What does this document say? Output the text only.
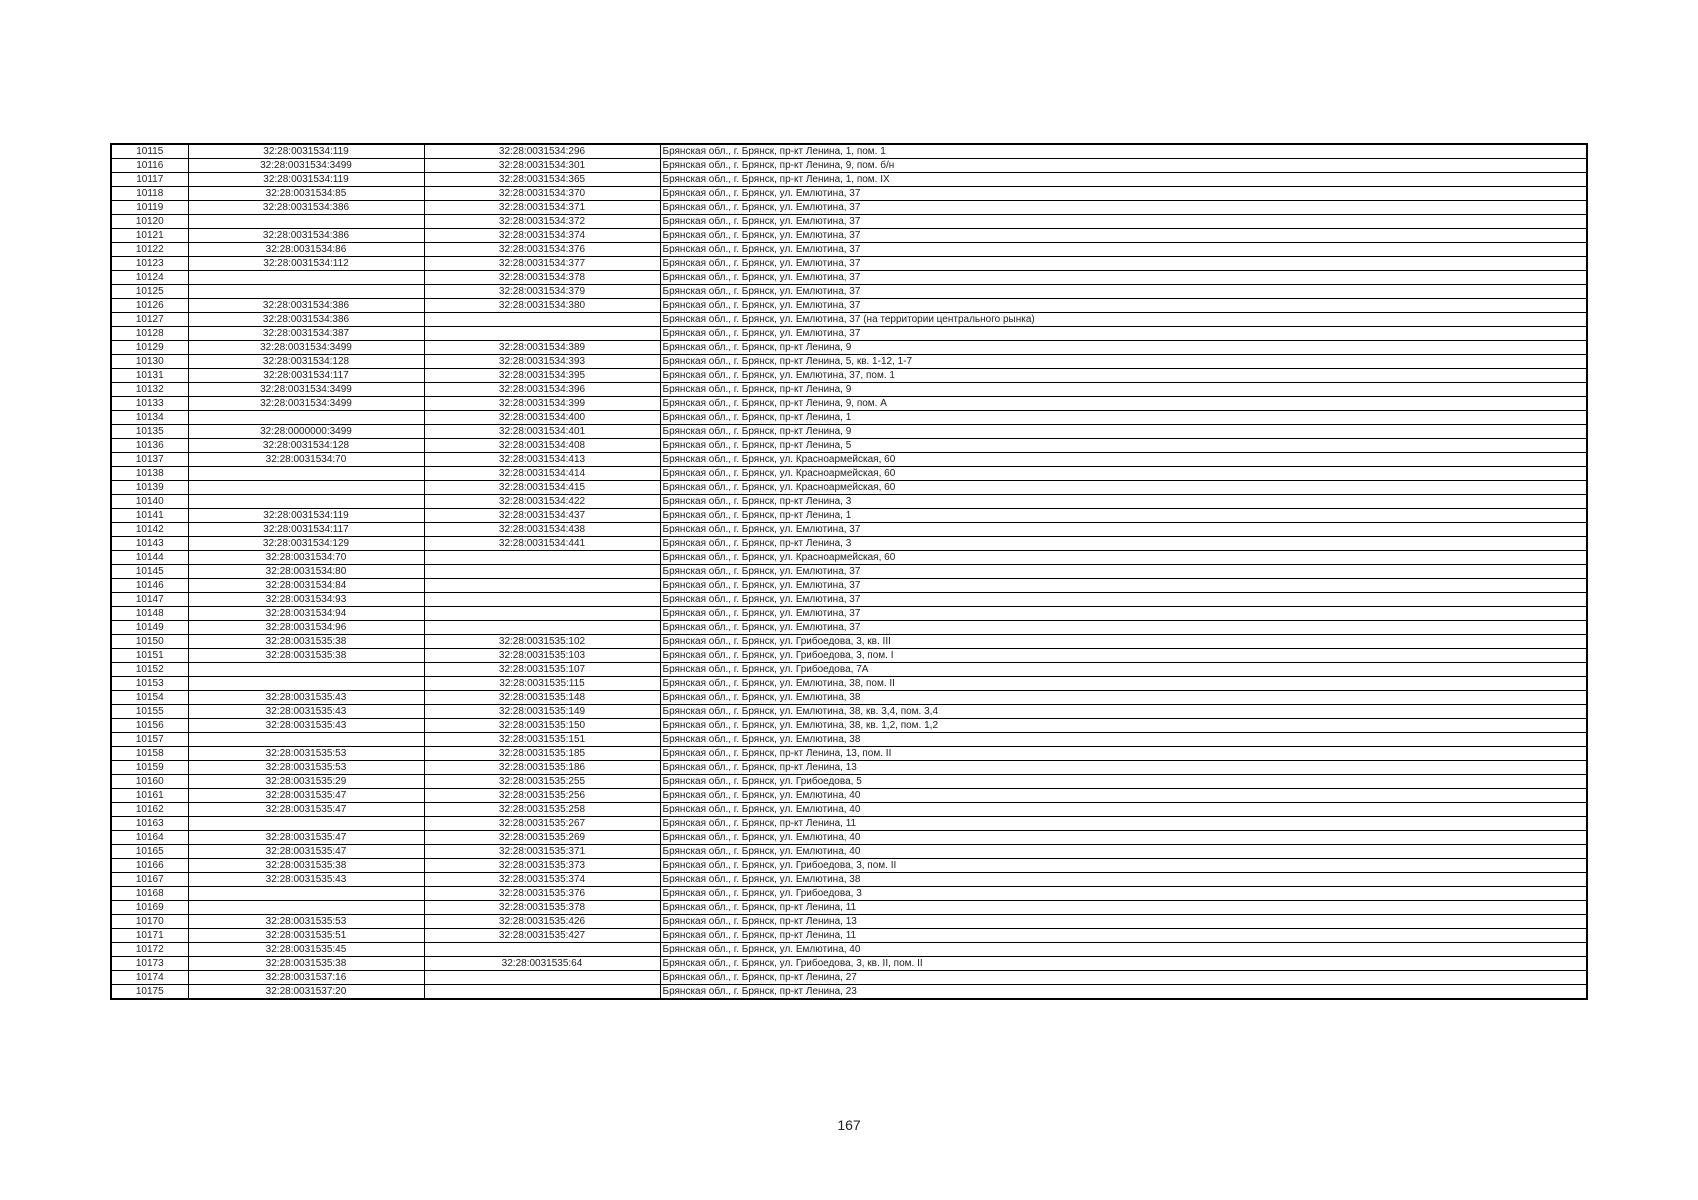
10115	32:28:0031534:119	32:28:0031534:296	Брянская обл., г. Брянск, пр-кт Ленина, 1, пом. 1
10116	32:28:0031534:3499	32:28:0031534:301	Брянская обл., г. Брянск, пр-кт Ленина, 9, пом. б/н
10117	32:28:0031534:119	32:28:0031534:365	Брянская обл., г. Брянск, пр-кт Ленина, 1, пом. IX
10118	32:28:0031534:85	32:28:0031534:370	Брянская обл., г. Брянск, ул. Емлютина, 37
10119	32:28:0031534:386	32:28:0031534:371	Брянская обл., г. Брянск, ул. Емлютина, 37
10120		32:28:0031534:372	Брянская обл., г. Брянск, ул. Емлютина, 37
10121	32:28:0031534:386	32:28:0031534:374	Брянская обл., г. Брянск, ул. Емлютина, 37
10122	32:28:0031534:86	32:28:0031534:376	Брянская обл., г. Брянск, ул. Емлютина, 37
10123	32:28:0031534:112	32:28:0031534:377	Брянская обл., г. Брянск, ул. Емлютина, 37
10124		32:28:0031534:378	Брянская обл., г. Брянск, ул. Емлютина, 37
10125		32:28:0031534:379	Брянская обл., г. Брянск, ул. Емлютина, 37
10126	32:28:0031534:386	32:28:0031534:380	Брянская обл., г. Брянск, ул. Емлютина, 37
10127	32:28:0031534:386		Брянская обл., г. Брянск, ул. Емлютина, 37 (на территории центрального рынка)
10128	32:28:0031534:387		Брянская обл., г. Брянск, ул. Емлютина, 37
10129	32:28:0031534:3499	32:28:0031534:389	Брянская обл., г. Брянск, пр-кт Ленина, 9
10130	32:28:0031534:128	32:28:0031534:393	Брянская обл., г. Брянск, пр-кт Ленина, 5, кв. 1-12, 1-7
10131	32:28:0031534:117	32:28:0031534:395	Брянская обл., г. Брянск, ул. Емлютина, 37, пом. 1
10132	32:28:0031534:3499	32:28:0031534:396	Брянская обл., г. Брянск, пр-кт Ленина, 9
10133	32:28:0031534:3499	32:28:0031534:399	Брянская обл., г. Брянск, пр-кт Ленина, 9, пом. А
10134		32:28:0031534:400	Брянская обл., г. Брянск, пр-кт Ленина, 1
10135	32:28:0000000:3499	32:28:0031534:401	Брянская обл., г. Брянск, пр-кт Ленина, 9
10136	32:28:0031534:128	32:28:0031534:408	Брянская обл., г. Брянск, пр-кт Ленина, 5
10137	32:28:0031534:70	32:28:0031534:413	Брянская обл., г. Брянск, ул. Красноармейская, 60
10138		32:28:0031534:414	Брянская обл., г. Брянск, ул. Красноармейская, 60
10139		32:28:0031534:415	Брянская обл., г. Брянск, ул. Красноармейская, 60
10140		32:28:0031534:422	Брянская обл., г. Брянск, пр-кт Ленина, 3
10141	32:28:0031534:119	32:28:0031534:437	Брянская обл., г. Брянск, пр-кт Ленина, 1
10142	32:28:0031534:117	32:28:0031534:438	Брянская обл., г. Брянск, ул. Емлютина, 37
10143	32:28:0031534:129	32:28:0031534:441	Брянская обл., г. Брянск, пр-кт Ленина, 3
10144	32:28:0031534:70		Брянская обл., г. Брянск, ул. Красноармейская, 60
10145	32:28:0031534:80		Брянская обл., г. Брянск, ул. Емлютина, 37
10146	32:28:0031534:84		Брянская обл., г. Брянск, ул. Емлютина, 37
10147	32:28:0031534:93		Брянская обл., г. Брянск, ул. Емлютина, 37
10148	32:28:0031534:94		Брянская обл., г. Брянск, ул. Емлютина, 37
10149	32:28:0031534:96		Брянская обл., г. Брянск, ул. Емлютина, 37
10150	32:28:0031535:38	32:28:0031535:102	Брянская обл., г. Брянск, ул. Грибоедова, 3, кв. III
10151	32:28:0031535:38	32:28:0031535:103	Брянская обл., г. Брянск, ул. Грибоедова, 3, пом. I
10152		32:28:0031535:107	Брянская обл., г. Брянск, ул. Грибоедова, 7А
10153		32:28:0031535:115	Брянская обл., г. Брянск, ул. Емлютина, 38, пом. II
10154	32:28:0031535:43	32:28:0031535:148	Брянская обл., г. Брянск, ул. Емлютина, 38
10155	32:28:0031535:43	32:28:0031535:149	Брянская обл., г. Брянск, ул. Емлютина, 38, кв. 3,4, пом. 3,4
10156	32:28:0031535:43	32:28:0031535:150	Брянская обл., г. Брянск, ул. Емлютина, 38, кв. 1,2, пом. 1,2
10157		32:28:0031535:151	Брянская обл., г. Брянск, ул. Емлютина, 38
10158	32:28:0031535:53	32:28:0031535:185	Брянская обл., г. Брянск, пр-кт Ленина, 13, пом. II
10159	32:28:0031535:53	32:28:0031535:186	Брянская обл., г. Брянск, пр-кт Ленина, 13
10160	32:28:0031535:29	32:28:0031535:255	Брянская обл., г. Брянск, ул. Грибоедова, 5
10161	32:28:0031535:47	32:28:0031535:256	Брянская обл., г. Брянск, ул. Емлютина, 40
10162	32:28:0031535:47	32:28:0031535:258	Брянская обл., г. Брянск, ул. Емлютина, 40
10163		32:28:0031535:267	Брянская обл., г. Брянск, пр-кт Ленина, 11
10164	32:28:0031535:47	32:28:0031535:269	Брянская обл., г. Брянск, ул. Емлютина, 40
10165	32:28:0031535:47	32:28:0031535:371	Брянская обл., г. Брянск, ул. Емлютина, 40
10166	32:28:0031535:38	32:28:0031535:373	Брянская обл., г. Брянск, ул. Грибоедова, 3, пом. II
10167	32:28:0031535:43	32:28:0031535:374	Брянская обл., г. Брянск, ул. Емлютина, 38
10168		32:28:0031535:376	Брянская обл., г. Брянск, ул. Грибоедова, 3
10169		32:28:0031535:378	Брянская обл., г. Брянск, пр-кт Ленина, 11
10170	32:28:0031535:53	32:28:0031535:426	Брянская обл., г. Брянск, пр-кт Ленина, 13
10171	32:28:0031535:51	32:28:0031535:427	Брянская обл., г. Брянск, пр-кт Ленина, 11
10172	32:28:0031535:45		Брянская обл., г. Брянск, ул. Емлютина, 40
10173	32:28:0031535:38	32:28:0031535:64	Брянская обл., г. Брянск, ул. Грибоедова, 3, кв. II, пом. II
10174	32:28:0031537:16		Брянская обл., г. Брянск, пр-кт Ленина, 27
10175	32:28:0031537:20		Брянская обл., г. Брянск, пр-кт Ленина, 23
167
